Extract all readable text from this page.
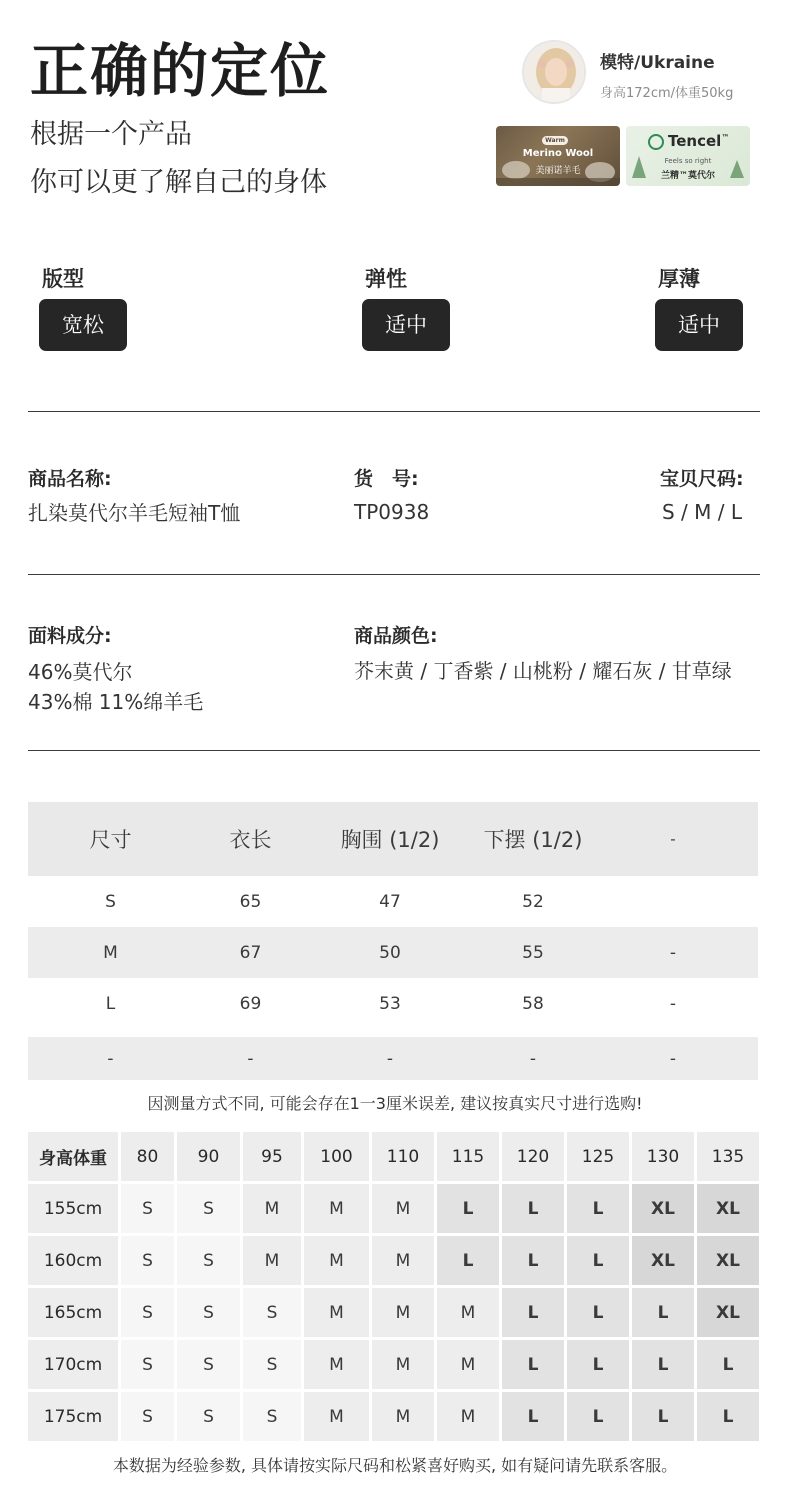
正确的定位
根据一个产品
你可以更了解自己的身体
模特/Ukraine
身高172cm/体重50kg
Warm
Merino Wool
美丽诺羊毛
Tencel™
Feels so right
兰精™莫代尔
版型
宽松
弹性
适中
厚薄
适中
商品名称:
扎染莫代尔羊毛短袖T恤
货　号:
TP0938
宝贝尺码:
S / M / L
面料成分:
46%莫代尔
43%棉 11%绵羊毛
商品颜色:
芥末黄 / 丁香紫 / 山桃粉 / 耀石灰 / 甘草绿
尺寸	衣长	胸围 (1/2)	下摆 (1/2)	-
S	65	47	52
M	67	50	55	-
L	69	53	58	-
-	-	-	-	-
因测量方式不同, 可能会存在1一3厘米误差, 建议按真实尺寸进行选购!
身高体重	80	90	95	100	110	115	120	125	130	135
155cm	S	S	M	M	M	L	L	L	XL	XL
160cm	S	S	M	M	M	L	L	L	XL	XL
165cm	S	S	S	M	M	M	L	L	L	XL
170cm	S	S	S	M	M	M	L	L	L	L
175cm	S	S	S	M	M	M	L	L	L	L
本数据为经验参数, 具体请按实际尺码和松紧喜好购买, 如有疑问请先联系客服。
